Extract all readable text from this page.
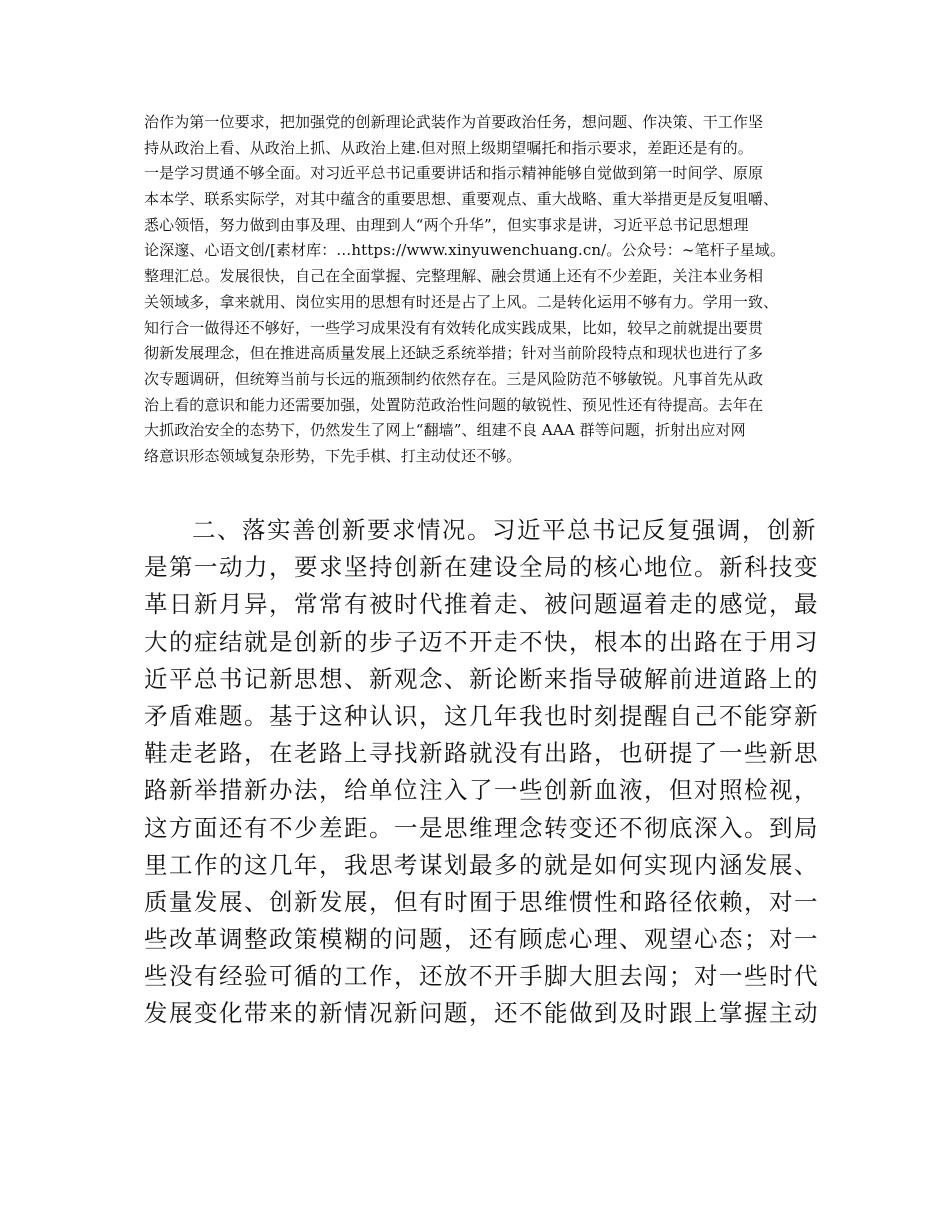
治作为第一位要求，把加强党的创新理论武装作为首要政治任务，想问题、作决策、干工作坚
持从政治上看、从政治上抓、从政治上建.但对照上级期望嘱托和指示要求，差距还是有的。
一是学习贯通不够全面。对习近平总书记重要讲话和指示精神能够自觉做到第一时间学、原原
本本学、联系实际学，对其中蕴含的重要思想、重要观点、重大战略、重大举措更是反复咀嚼、
悉心领悟，努力做到由事及理、由理到人“两个升华”，但实事求是讲，习近平总书记思想理
论深邃、心语文创/[素材库：…https://www.xinyuwenchuang.cn/。公众号：~笔杆子星域。
整理汇总。发展很快，自己在全面掌握、完整理解、融会贯通上还有不少差距，关注本业务相
关领域多，拿来就用、岗位实用的思想有时还是占了上风。二是转化运用不够有力。学用一致、
知行合一做得还不够好，一些学习成果没有有效转化成实践成果，比如，较早之前就提出要贯
彻新发展理念，但在推进高质量发展上还缺乏系统举措；针对当前阶段特点和现状也进行了多
次专题调研，但统筹当前与长远的瓶颈制约依然存在。三是风险防范不够敏锐。凡事首先从政
治上看的意识和能力还需要加强，处置防范政治性问题的敏锐性、预见性还有待提高。去年在
大抓政治安全的态势下，仍然发生了网上“翻墙”、组建不良 AAA 群等问题，折射出应对网
络意识形态领域复杂形势，下先手棋、打主动仗还不够。
二、落实善创新要求情况。习近平总书记反复强调，创新
是第一动力，要求坚持创新在建设全局的核心地位。新科技变
革日新月异，常常有被时代推着走、被问题逼着走的感觉，最
大的症结就是创新的步子迈不开走不快，根本的出路在于用习
近平总书记新思想、新观念、新论断来指导破解前进道路上的
矛盾难题。基于这种认识，这几年我也时刻提醒自己不能穿新
鞋走老路，在老路上寻找新路就没有出路，也研提了一些新思
路新举措新办法，给单位注入了一些创新血液，但对照检视，
这方面还有不少差距。一是思维理念转变还不彻底深入。到局
里工作的这几年，我思考谋划最多的就是如何实现内涵发展、
质量发展、创新发展，但有时囿于思维惯性和路径依赖，对一
些改革调整政策模糊的问题，还有顾虑心理、观望心态；对一
些没有经验可循的工作，还放不开手脚大胆去闯；对一些时代
发展变化带来的新情况新问题，还不能做到及时跟上掌握主动
